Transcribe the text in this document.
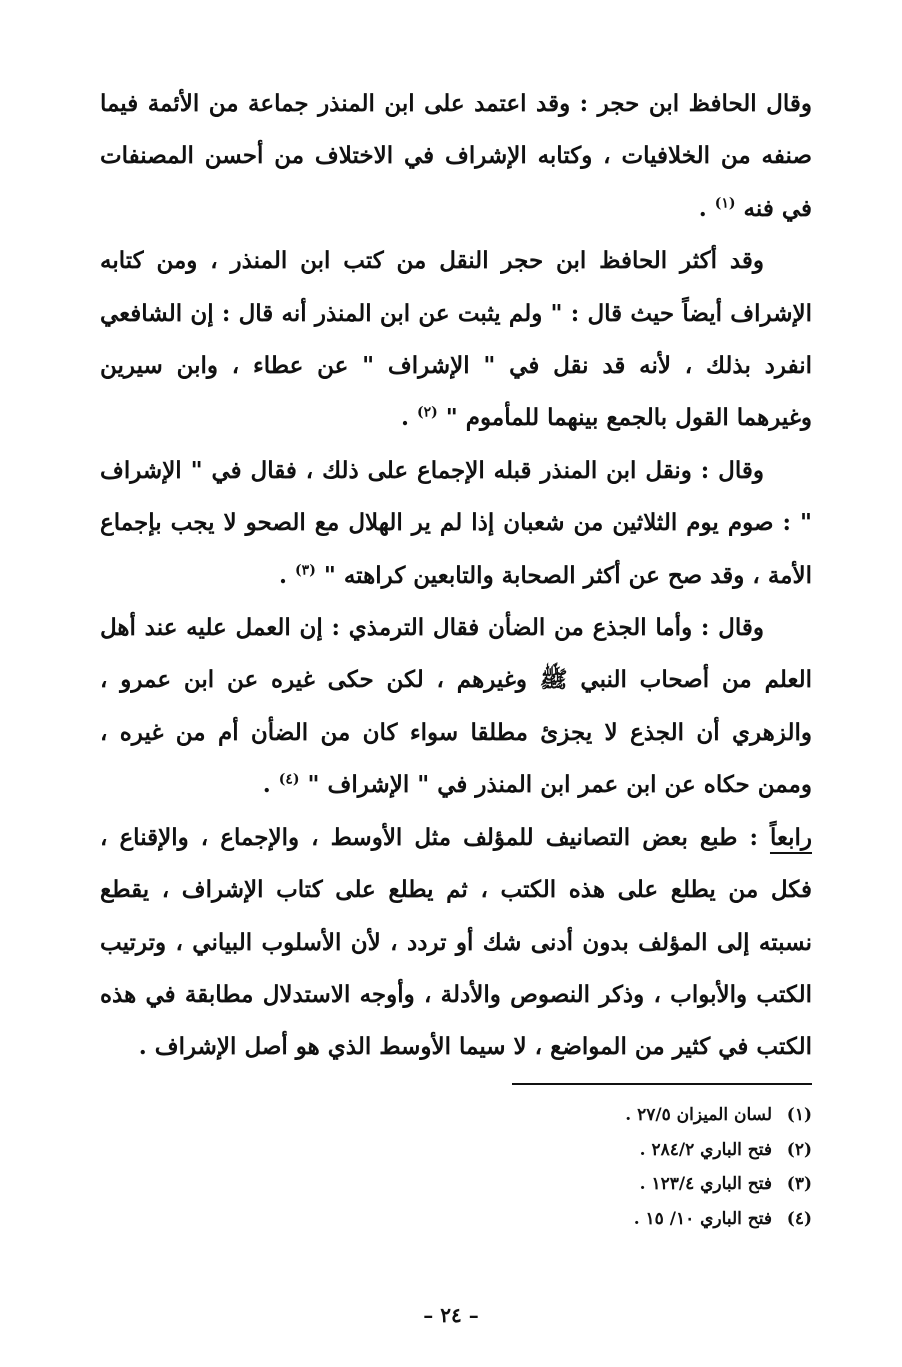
وقال الحافظ ابن حجر : وقد اعتمد على ابن المنذر جماعة من الأئمة فيما صنفه من الخلافيات ، وكتابه الإشراف في الاختلاف من أحسن المصنفات في فنه $^{(١)}$ .

وقد أكثر الحافظ ابن حجر النقل من كتب ابن المنذر ، ومن كتابه الإشراف أيضاً حيث قال : " ولم يثبت عن ابن المنذر أنه قال : إن الشافعي انفرد بذلك ، لأنه قد نقل في " الإشراف " عن عطاء ، وابن سيرين وغيرهما القول بالجمع بينهما للمأموم " $^{(٢)}$ .

وقال : ونقل ابن المنذر قبله الإجماع على ذلك ، فقال في " الإشراف " : صوم يوم الثلاثين من شعبان إذا لم ير الهلال مع الصحو لا يجب بإجماع الأمة ، وقد صح عن أكثر الصحابة والتابعين كراهته " $^{(٣)}$ .

وقال : وأما الجذع من الضأن فقال الترمذي : إن العمل عليه عند أهل العلم من أصحاب النبي ﷺ وغيرهم ، لكن حكى غيره عن ابن عمرو ، والزهري أن الجذع لا يجزئ مطلقا سواء كان من الضأن أم من غيره ، وممن حكاه عن ابن عمر ابن المنذر في " الإشراف " $^{(٤)}$ .

رابعاً : طبع بعض التصانيف للمؤلف مثل الأوسط ، والإجماع ، والإقناع ، فكل من يطلع على هذه الكتب ، ثم يطلع على كتاب الإشراف ، يقطع نسبته إلى المؤلف بدون أدنى شك أو تردد ، لأن الأسلوب البياني ، وترتيب الكتب والأبواب ، وذكر النصوص والأدلة ، وأوجه الاستدلال مطابقة في هذه الكتب في كثير من المواضع ، لا سيما الأوسط الذي هو أصل الإشراف .

(١)لسان الميزان ٢٧/٥ .

(٢)فتح الباري ٢٨٤/٢ .

(٣)فتح الباري ١٢٣/٤ .

(٤)فتح الباري ١٠/ ١٥ .

– ٢٤ –
